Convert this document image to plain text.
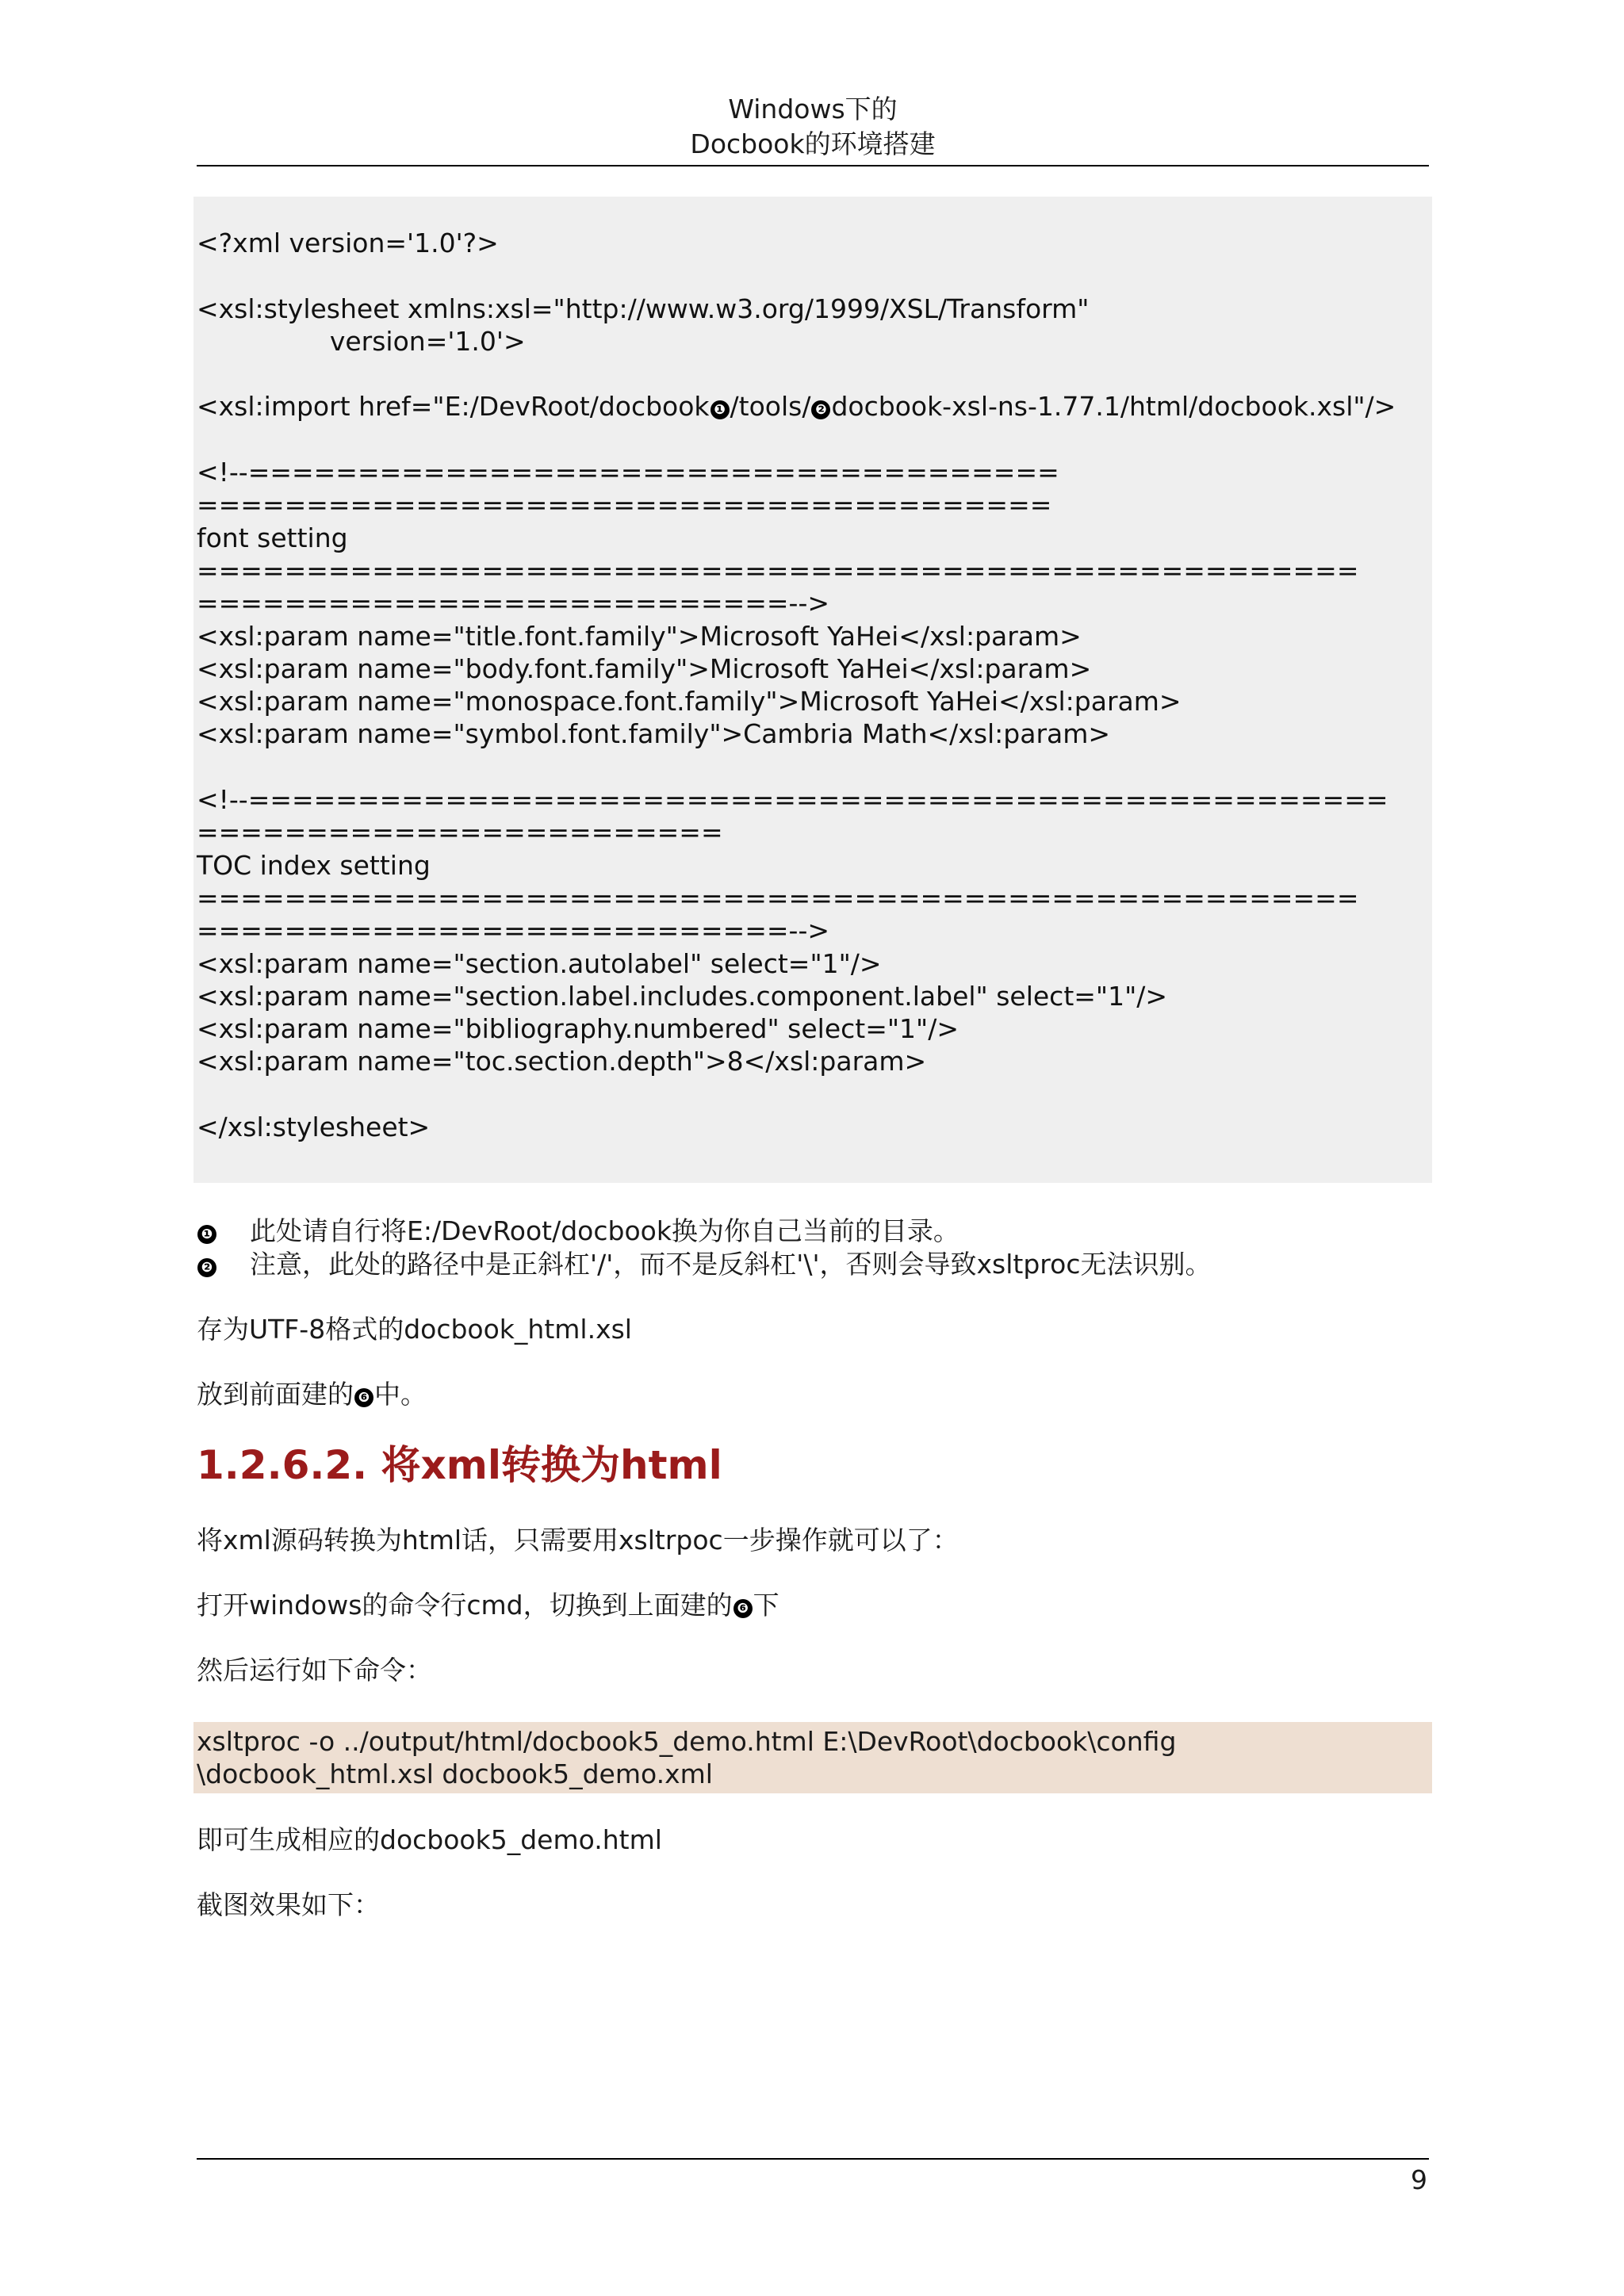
Windows下的
Docbook的环境搭建
<?xml version='1.0'?>
<xsl:stylesheet xmlns:xsl="http://www.w3.org/1999/XSL/Transform"
version='1.0'>
<xsl:import href="E:/DevRoot/docbook ❶ /tools/ ❷ docbook-xsl-ns-1.77.1/html/docbook.xsl"/>
<!--=====================================
=======================================
font setting
=====================================================
===========================-->
<xsl:param name="title.font.family">Microsoft YaHei</xsl:param>
<xsl:param name="body.font.family">Microsoft YaHei</xsl:param>
<xsl:param name="monospace.font.family">Microsoft YaHei</xsl:param>
<xsl:param name="symbol.font.family">Cambria Math</xsl:param>
<!--====================================================
========================
TOC index setting
=====================================================
===========================-->
<xsl:param name="section.autolabel" select="1"/>
<xsl:param name="section.label.includes.component.label" select="1"/>
<xsl:param name="bibliography.numbered" select="1"/>
<xsl:param name="toc.section.depth">8</xsl:param>
</xsl:stylesheet>
❶ 此处请自行将E:/DevRoot/docbook换为你自己当前的目录。
❷ 注意，此处的路径中是正斜杠'/'，而不是反斜杠'\'，否则会导致xsltproc无法识别。
存为UTF-8格式的docbook_html.xsl
放到前面建的 ❻ 中。
1.2.6.2. 将xml转换为html
将xml源码转换为html话，只需要用xsltrpoc一步操作就可以了：
打开windows的命令行cmd，切换到上面建的 ❻ 下
然后运行如下命令：
xsltproc -o ../output/html/docbook5_demo.html E:\DevRoot\docbook\config
\docbook_html.xsl docbook5_demo.xml
即可生成相应的docbook5_demo.html
截图效果如下：
9
